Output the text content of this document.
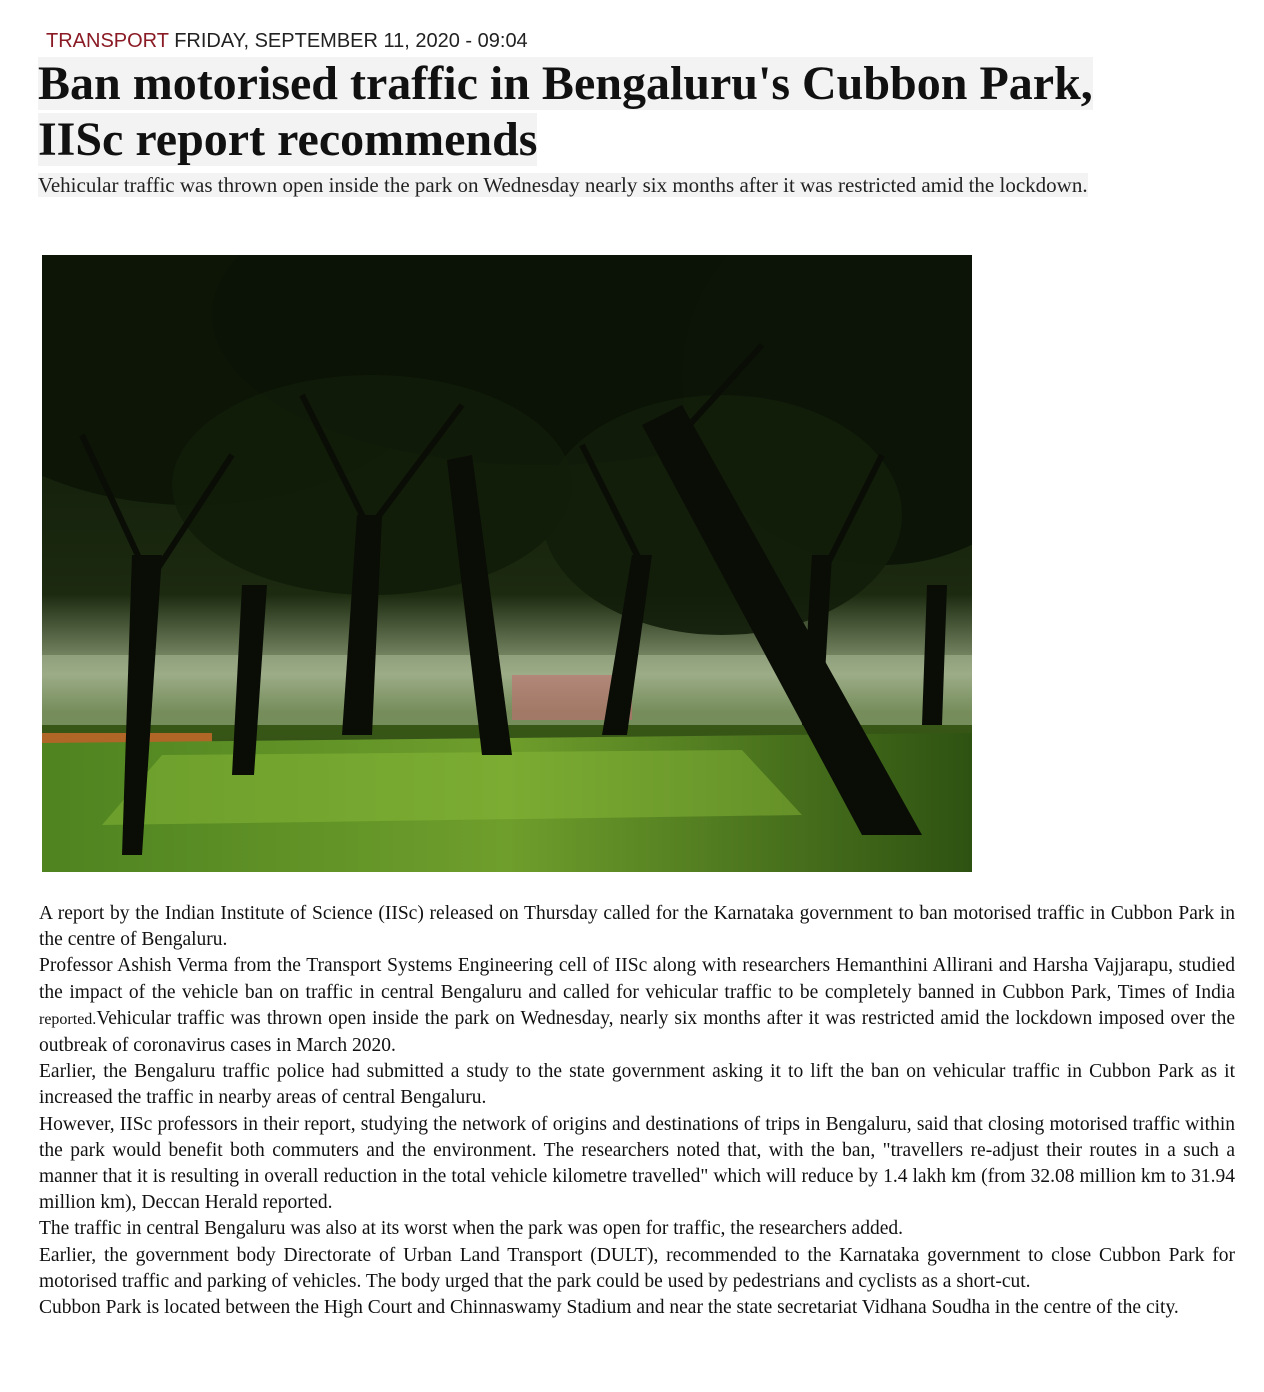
TRANSPORT FRIDAY, SEPTEMBER 11, 2020 - 09:04
Ban motorised traffic in Bengaluru's Cubbon Park,
IISc report recommends

Vehicular traffic was thrown open inside the park on Wednesday nearly six months after it was restricted amid the lockdown.

A report by the Indian Institute of Science (IISc) released on Thursday called for the Karnataka government to ban motorised traffic in Cubbon Park in the centre of Bengaluru.

Professor Ashish Verma from the Transport Systems Engineering cell of IISc along with researchers Hemanthini Allirani and Harsha Vajjarapu, studied the impact of the vehicle ban on traffic in central Bengaluru and called for vehicular traffic to be completely banned in Cubbon Park, Times of India reported.Vehicular traffic was thrown open inside the park on Wednesday, nearly six months after it was restricted amid the lockdown imposed over the outbreak of coronavirus cases in March 2020.

Earlier, the Bengaluru traffic police had submitted a study to the state government asking it to lift the ban on vehicular traffic in Cubbon Park as it increased the traffic in nearby areas of central Bengaluru.

However, IISc professors in their report, studying the network of origins and destinations of trips in Bengaluru, said that closing motorised traffic within the park would benefit both commuters and the environment. The researchers noted that, with the ban, "travellers re-adjust their routes in a such a manner that it is resulting in overall reduction in the total vehicle kilometre travelled" which will reduce by 1.4 lakh km (from 32.08 million km to 31.94 million km), Deccan Herald reported.

The traffic in central Bengaluru was also at its worst when the park was open for traffic, the researchers added.

Earlier, the government body Directorate of Urban Land Transport (DULT), recommended to the Karnataka government to close Cubbon Park for motorised traffic and parking of vehicles. The body urged that the park could be used by pedestrians and cyclists as a short-cut.

Cubbon Park is located between the High Court and Chinnaswamy Stadium and near the state secretariat Vidhana Soudha in the centre of the city.
